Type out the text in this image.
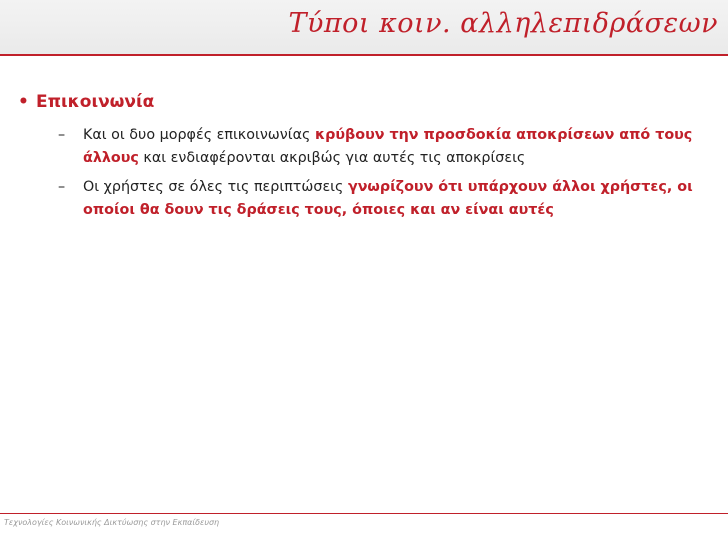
Τύποι κοιν. αλληλεπιδράσεων
• Επικοινωνία
– Και οι δυο μορφές επικοινωνίας κρύβουν την προσδοκία αποκρίσεων από τους άλλους και ενδιαφέρονται ακριβώς για αυτές τις αποκρίσεις
– Οι χρήστες σε όλες τις περιπτώσεις γνωρίζουν ότι υπάρχουν άλλοι χρήστες, οι οποίοι θα δουν τις δράσεις τους, όποιες και αν είναι αυτές
Τεχνολογίες Κοινωνικής Δικτύωσης στην Εκπαίδευση
